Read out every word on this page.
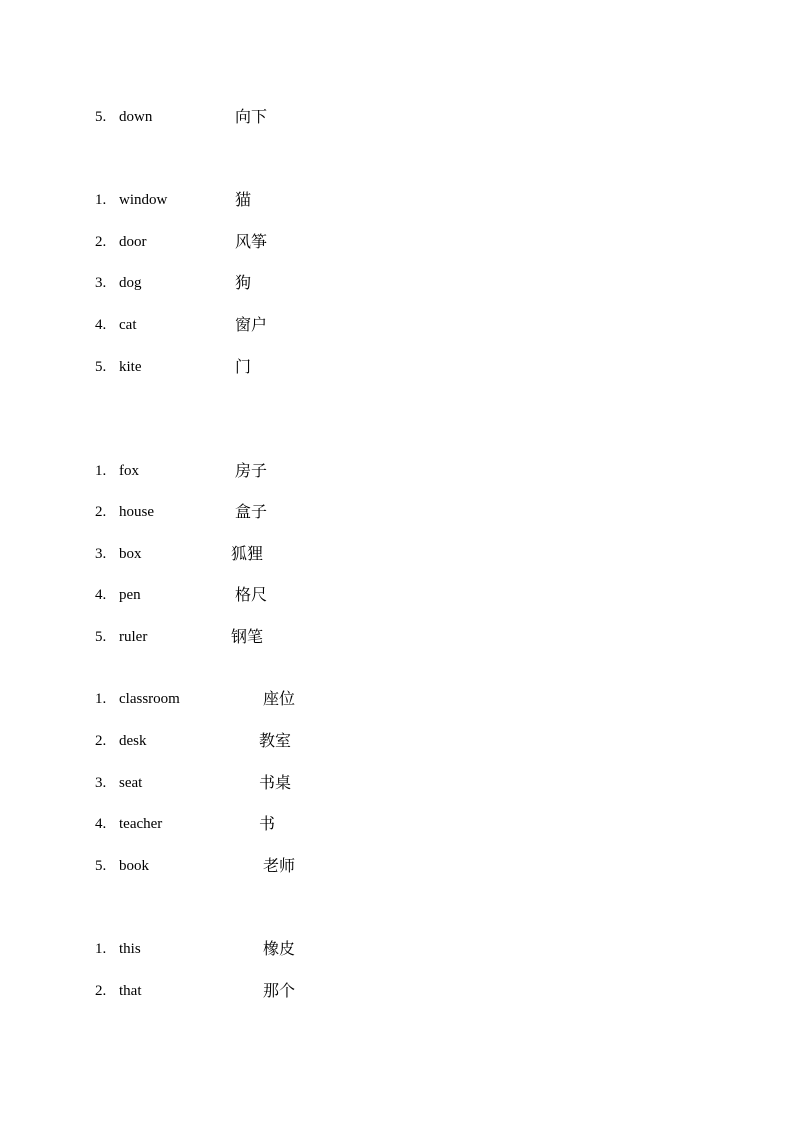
5. down	向下
1. window	猫
2. door	风筝
3. dog	狗
4. cat	窗户
5. kite	门
1. fox	房子
2. house	盒子
3. box	狐狸
4. pen	格尺
5. ruler	钢笔
1. classroom	座位
2. desk	教室
3. seat	书桌
4. teacher	书
5. book	老师
1. this	橡皮
2. that	那个
